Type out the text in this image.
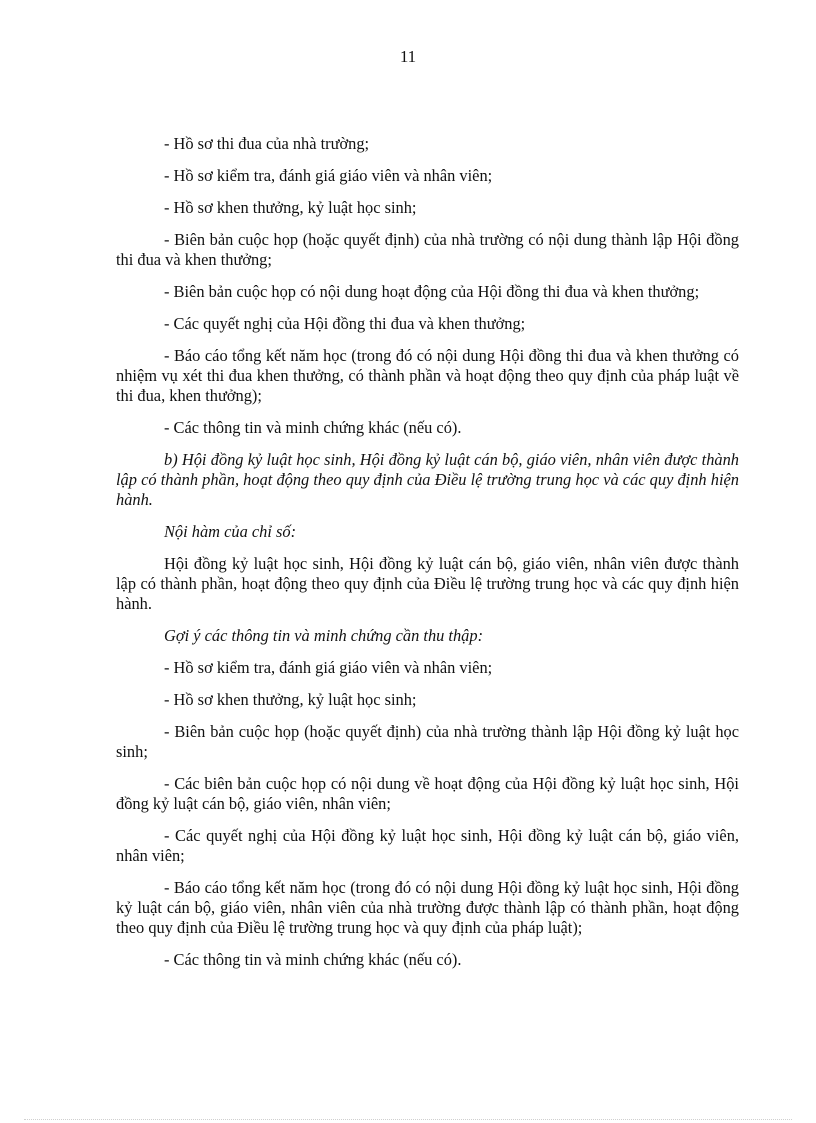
11

- Hồ sơ thi đua của nhà trường;

- Hồ sơ kiểm tra, đánh giá giáo viên và nhân viên;

- Hồ sơ khen thưởng, kỷ luật học sinh;

- Biên bản cuộc họp (hoặc quyết định) của nhà trường có nội dung thành lập Hội đồng thi đua và khen thưởng;

- Biên bản cuộc họp có nội dung hoạt động của Hội đồng thi đua và khen thưởng;

- Các quyết nghị của Hội đồng thi đua và khen thưởng;

- Báo cáo tổng kết năm học (trong đó có nội dung Hội đồng thi đua và khen thưởng có nhiệm vụ xét thi đua khen thưởng, có thành phần và hoạt động theo quy định của pháp luật về thi đua, khen thưởng);

- Các thông tin và minh chứng khác (nếu có).

b) Hội đồng kỷ luật học sinh, Hội đồng kỷ luật cán bộ, giáo viên, nhân viên được thành lập có thành phần, hoạt động theo quy định của Điều lệ trường trung học và các quy định hiện hành.

Nội hàm của chỉ số:

Hội đồng kỷ luật học sinh, Hội đồng kỷ luật cán bộ, giáo viên, nhân viên được thành lập có thành phần, hoạt động theo quy định của Điều lệ trường trung học và các quy định hiện hành.

Gợi ý các thông tin và minh chứng cần thu thập:

- Hồ sơ kiểm tra, đánh giá giáo viên và nhân viên;

- Hồ sơ khen thưởng, kỷ luật học sinh;

- Biên bản cuộc họp (hoặc quyết định) của nhà trường thành lập Hội đồng kỷ luật học sinh;

- Các biên bản cuộc họp có nội dung về hoạt động của Hội đồng kỷ luật học sinh, Hội đồng kỷ luật cán bộ, giáo viên, nhân viên;

- Các quyết nghị của Hội đồng kỷ luật học sinh, Hội đồng kỷ luật cán bộ, giáo viên, nhân viên;

- Báo cáo tổng kết năm học (trong đó có nội dung Hội đồng kỷ luật học sinh, Hội đồng kỷ luật cán bộ, giáo viên, nhân viên của nhà trường được thành lập có thành phần, hoạt động theo quy định của Điều lệ trường trung học và quy định của pháp luật);

- Các thông tin và minh chứng khác (nếu có).
